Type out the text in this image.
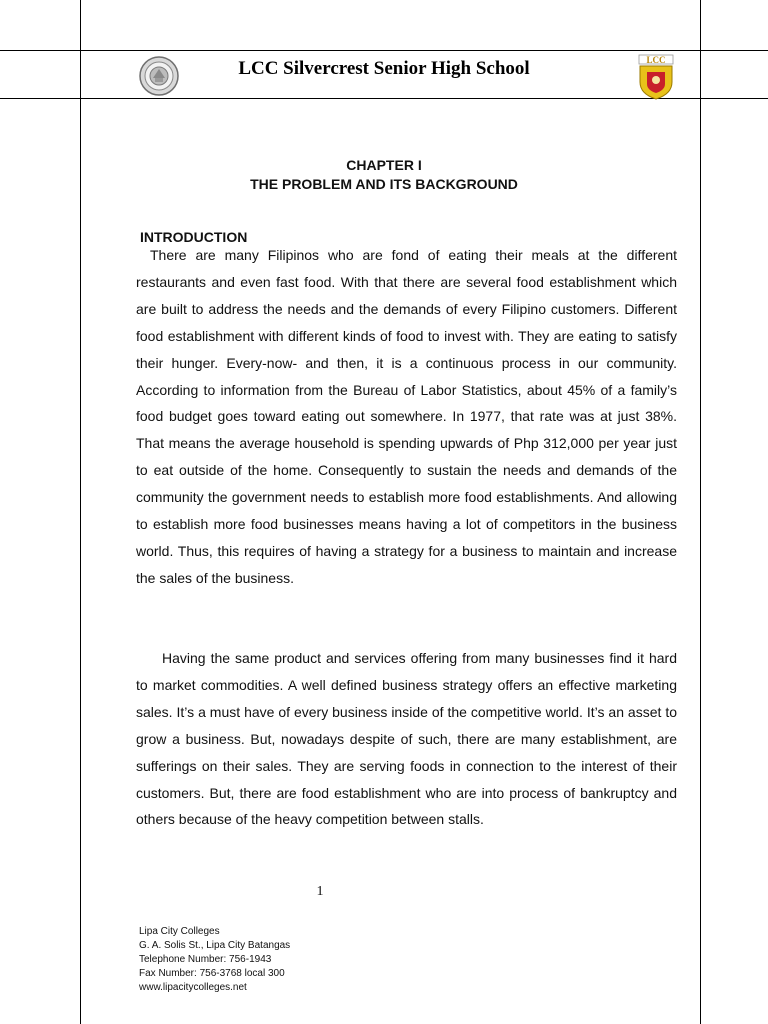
LCC Silvercrest Senior High School	LCC
CHAPTER I
THE PROBLEM AND ITS BACKGROUND
INTRODUCTION

There are many Filipinos who are fond of eating their meals at the different restaurants and even fast food. With that there are several food establishment which are built to address the needs and the demands of every Filipino customers. Different food establishment with different kinds of food to invest with. They are eating to satisfy their hunger. Every-now- and then, it is a continuous process in our community. According to information from the Bureau of Labor Statistics, about 45% of a family’s food budget goes toward eating out somewhere. In 1977, that rate was at just 38%. That means the average household is spending upwards of Php 312,000 per year just to eat outside of the home. Consequently to sustain the needs and demands of the community the government needs to establish more food establishments. And allowing to establish more food businesses means having a lot of competitors in the business world. Thus, this requires of having a strategy for a business to maintain and increase the sales of the business.

Having the same product and services offering from many businesses find it hard to market commodities. A well defined business strategy offers an effective marketing sales. It’s a must have of every business inside of the competitive world. It’s an asset to grow a business. But, nowadays despite of such, there are many establishment, are sufferings on their sales. They are serving foods in connection to the interest of their customers. But, there are food establishment who are into process of bankruptcy and others because of the heavy competition between stalls.

1
Lipa City Colleges
G. A. Solis St., Lipa City Batangas
Telephone Number: 756-1943
Fax Number: 756-3768 local 300
www.lipacitycolleges.net
